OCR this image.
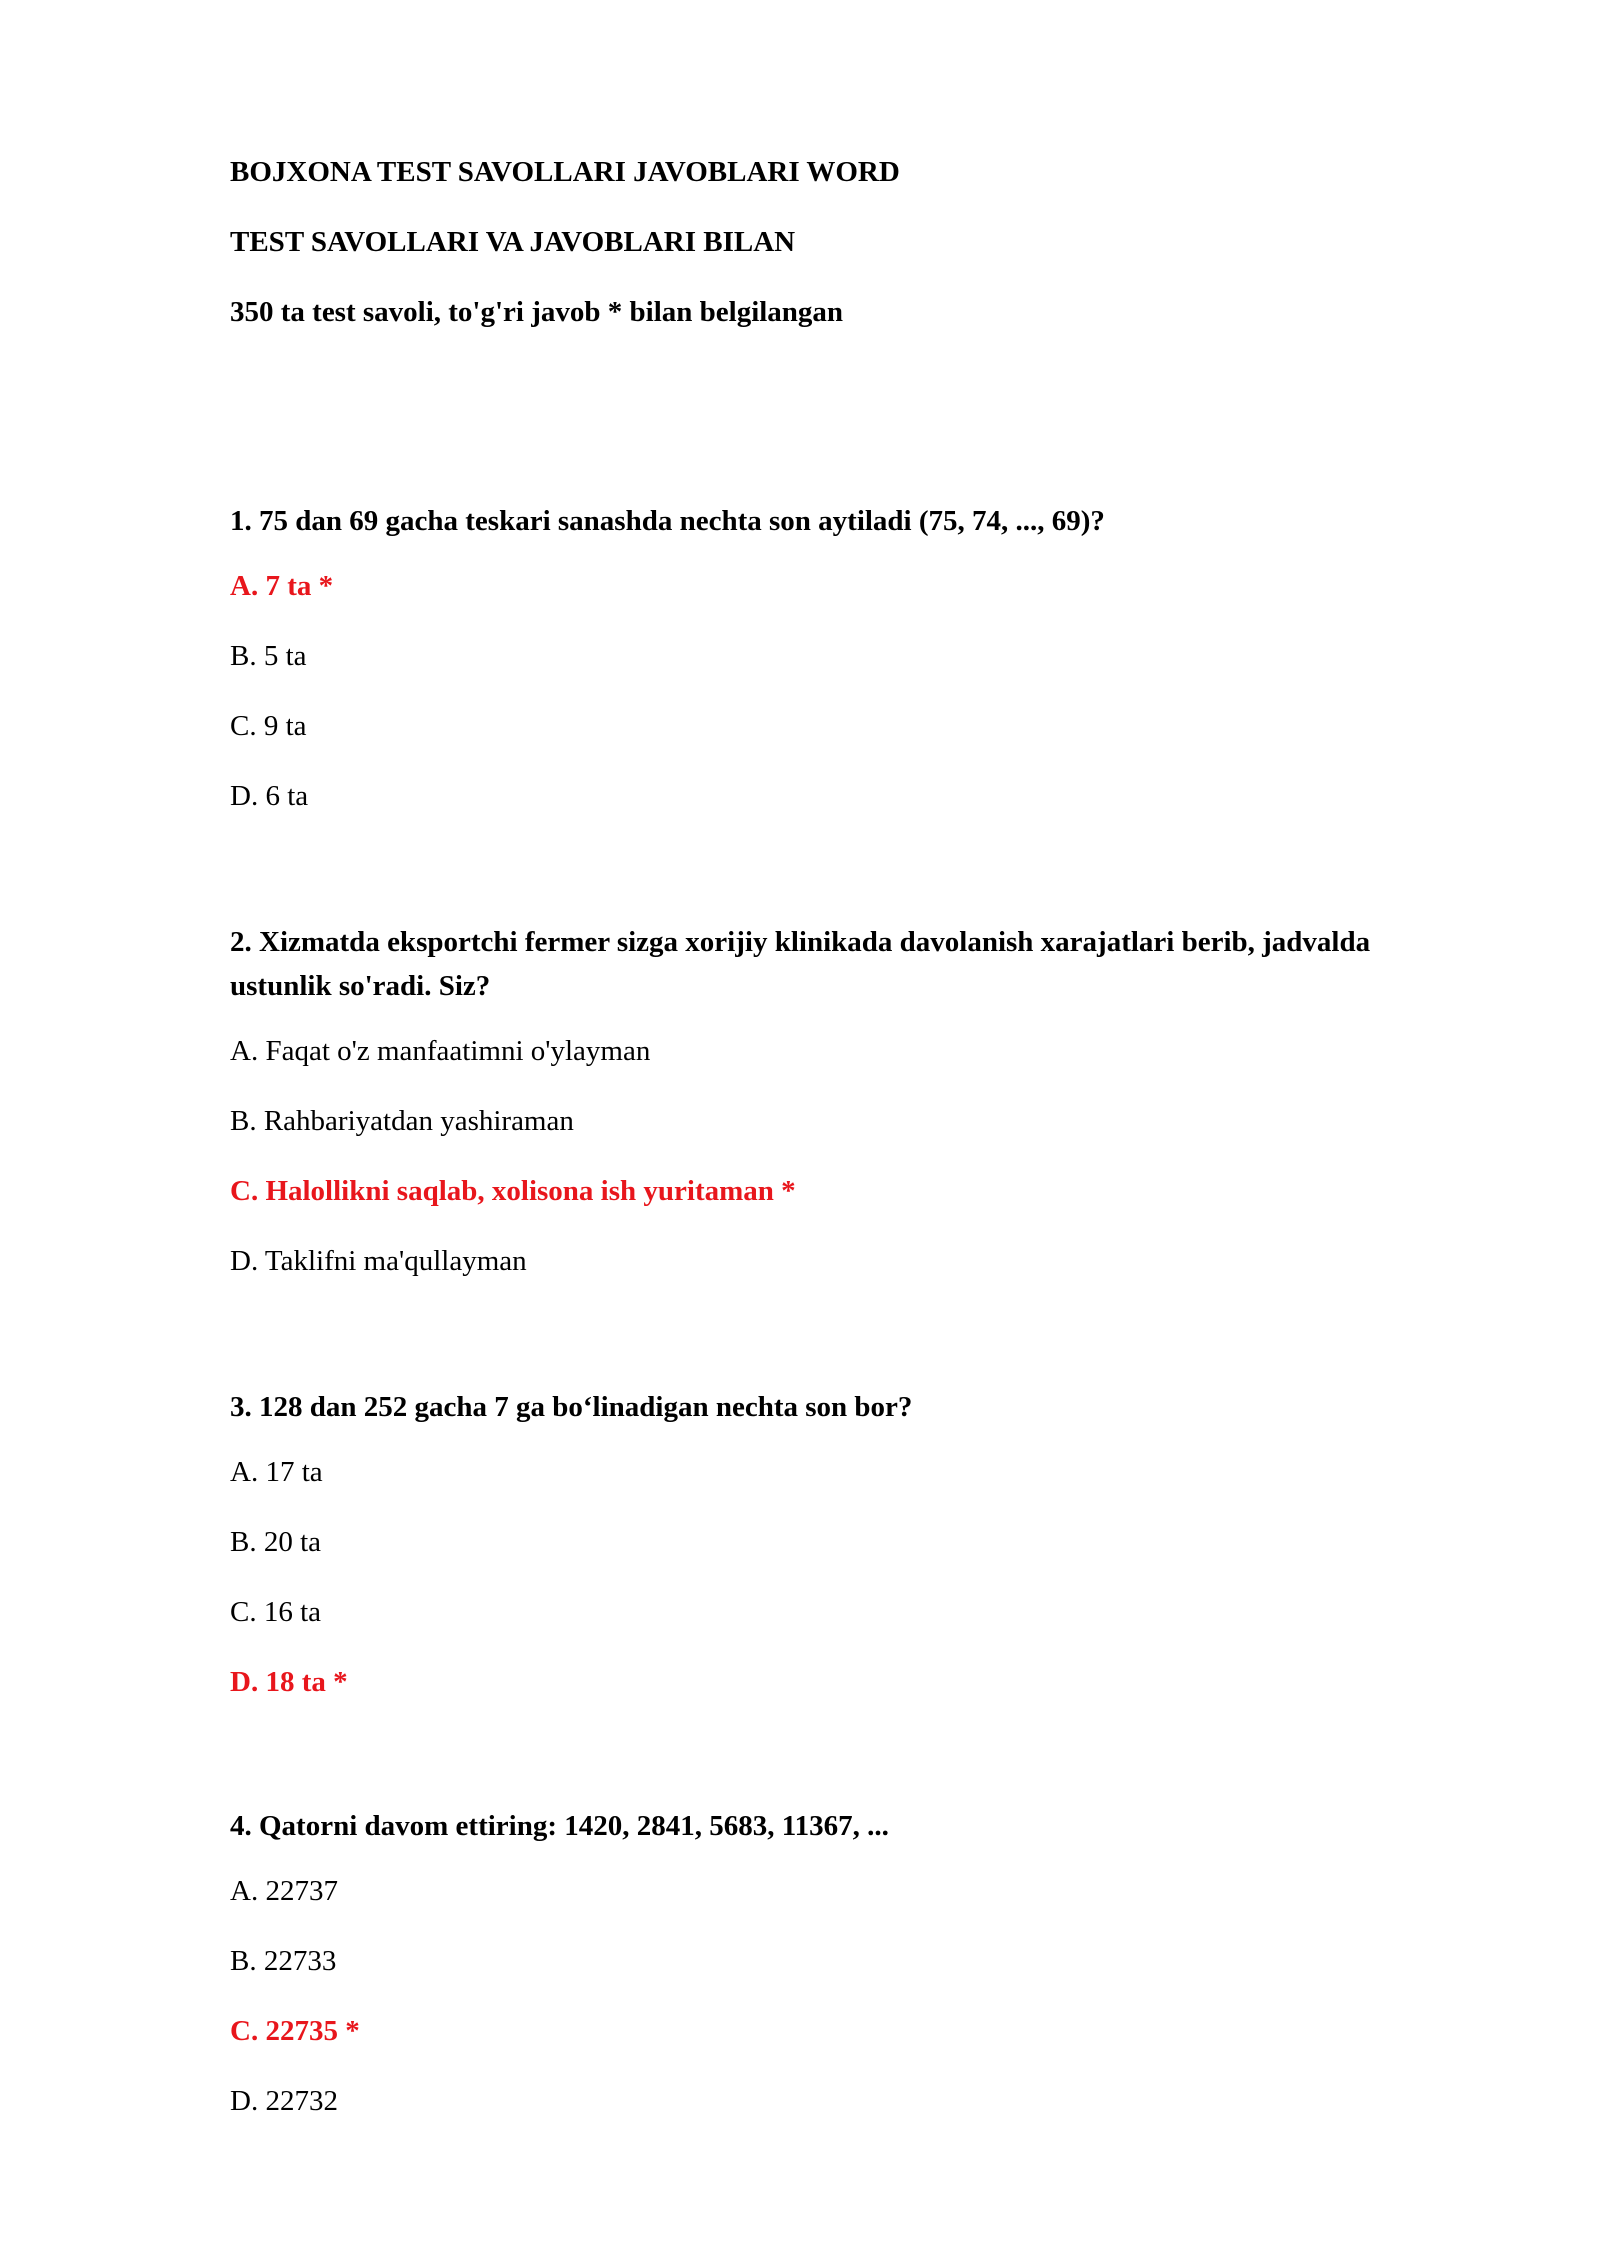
BOJXONA TEST SAVOLLARI JAVOBLARI WORD
TEST SAVOLLARI VA JAVOBLARI BILAN
350 ta test savoli, to'g'ri javob * bilan belgilangan

1. 75 dan 69 gacha teskari sanashda nechta son aytiladi (75, 74, ..., 69)?

A. 7 ta *

B. 5 ta

C. 9 ta

D. 6 ta

2. Xizmatda eksportchi fermer sizga xorijiy klinikada davolanish xarajatlari berib, jadvalda ustunlik so'radi. Siz?

A. Faqat o'z manfaatimni o'ylayman

B. Rahbariyatdan yashiraman

C. Halollikni saqlab, xolisona ish yuritaman *

D. Taklifni ma'qullayman

3. 128 dan 252 gacha 7 ga bo‘linadigan nechta son bor?

A. 17 ta

B. 20 ta

C. 16 ta

D. 18 ta *

4. Qatorni davom ettiring: 1420, 2841, 5683, 11367, ...

A. 22737

B. 22733

C. 22735 *

D. 22732
